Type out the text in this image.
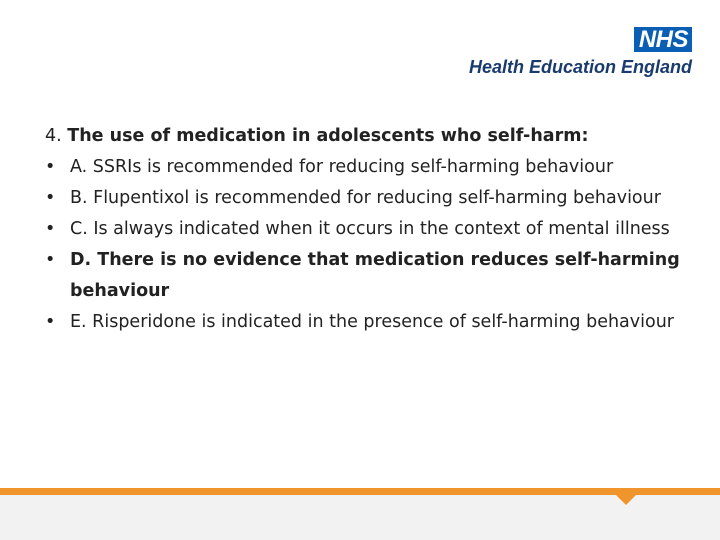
NHS
Health Education England

4. The use of medication in adolescents who self-harm:

• A. SSRIs is recommended for reducing self-harming behaviour
• B. Flupentixol is recommended for reducing self-harming behaviour
• C. Is always indicated when it occurs in the context of mental illness
• D. There is no evidence that medication reduces self-harming behaviour
• E. Risperidone is indicated in the presence of self-harming behaviour
